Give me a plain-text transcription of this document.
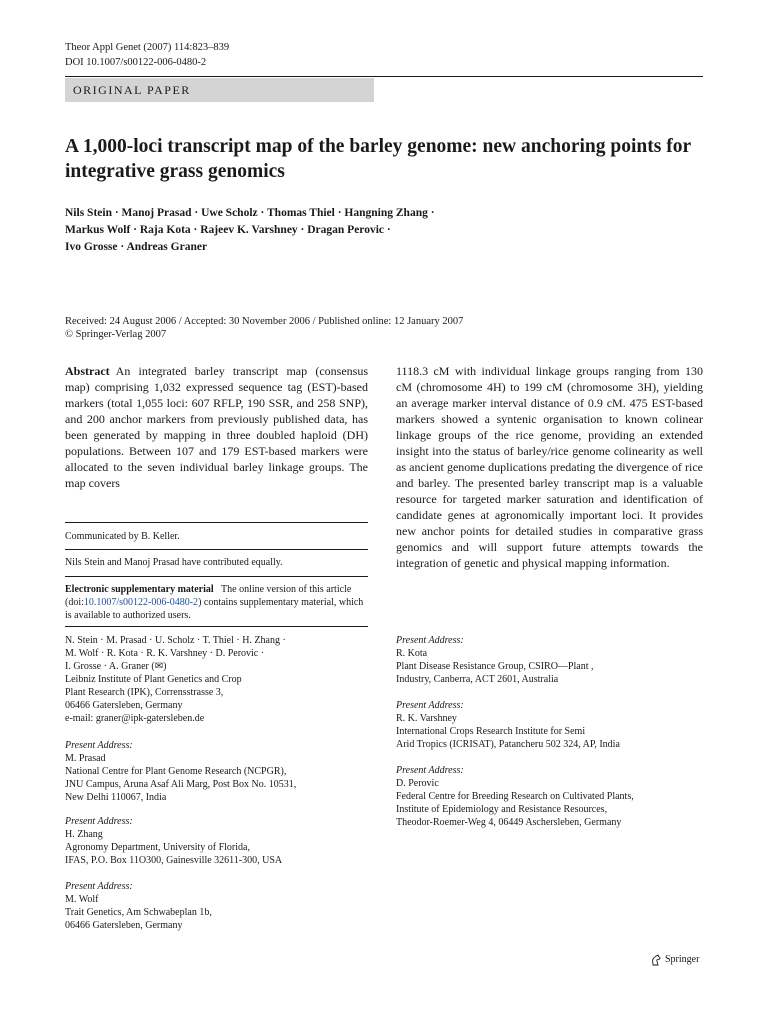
Theor Appl Genet (2007) 114:823–839
DOI 10.1007/s00122-006-0480-2
ORIGINAL PAPER
A 1,000-loci transcript map of the barley genome: new anchoring points for integrative grass genomics
Nils Stein · Manoj Prasad · Uwe Scholz · Thomas Thiel · Hangning Zhang ·
Markus Wolf · Raja Kota · Rajeev K. Varshney · Dragan Perovic ·
Ivo Grosse · Andreas Graner
Received: 24 August 2006 / Accepted: 30 November 2006 / Published online: 12 January 2007
© Springer-Verlag 2007

Abstract An integrated barley transcript map (consensus map) comprising 1,032 expressed sequence tag (EST)-based markers (total 1,055 loci: 607 RFLP, 190 SSR, and 258 SNP), and 200 anchor markers from previously published data, has been generated by mapping in three doubled haploid (DH) populations. Between 107 and 179 EST-based markers were allocated to the seven individual barley linkage groups. The map covers

1118.3 cM with individual linkage groups ranging from 130 cM (chromosome 4H) to 199 cM (chromosome 3H), yielding an average marker interval distance of 0.9 cM. 475 EST-based markers showed a syntenic organisation to known colinear linkage groups of the rice genome, providing an extended insight into the status of barley/rice genome colinearity as well as ancient genome duplications predating the divergence of rice and barley. The presented barley transcript map is a valuable resource for targeted marker saturation and identification of candidate genes at agronomically important loci. It provides new anchor points for detailed studies in comparative grass genomics and will support future attempts towards the integration of genetic and physical mapping information.

Communicated by B. Keller.
Nils Stein and Manoj Prasad have contributed equally.
Electronic supplementary material The online version of this article (doi:10.1007/s00122-006-0480-2) contains supplementary material, which is available to authorized users.
N. Stein · M. Prasad · U. Scholz · T. Thiel · H. Zhang ·
M. Wolf · R. Kota · R. K. Varshney · D. Perovic ·
I. Grosse · A. Graner (✉)
Leibniz Institute of Plant Genetics and Crop
Plant Research (IPK), Corrensstrasse 3,
06466 Gatersleben, Germany
e-mail: graner@ipk-gatersleben.de
Present Address:
M. Prasad
National Centre for Plant Genome Research (NCPGR),
JNU Campus, Aruna Asaf Ali Marg, Post Box No. 10531,
New Delhi 110067, India
Present Address:
H. Zhang
Agronomy Department, University of Florida,
IFAS, P.O. Box 11O300, Gainesville 32611-300, USA
Present Address:
M. Wolf
Trait Genetics, Am Schwabeplan 1b,
06466 Gatersleben, Germany
Present Address:
R. Kota
Plant Disease Resistance Group, CSIRO—Plant ,
Industry, Canberra, ACT 2601, Australia
Present Address:
R. K. Varshney
International Crops Research Institute for Semi
Arid Tropics (ICRISAT), Patancheru 502 324, AP, India
Present Address:
D. Perovic
Federal Centre for Breeding Research on Cultivated Plants,
Institute of Epidemiology and Resistance Resources,
Theodor-Roemer-Weg 4, 06449 Aschersleben, Germany
Springer
